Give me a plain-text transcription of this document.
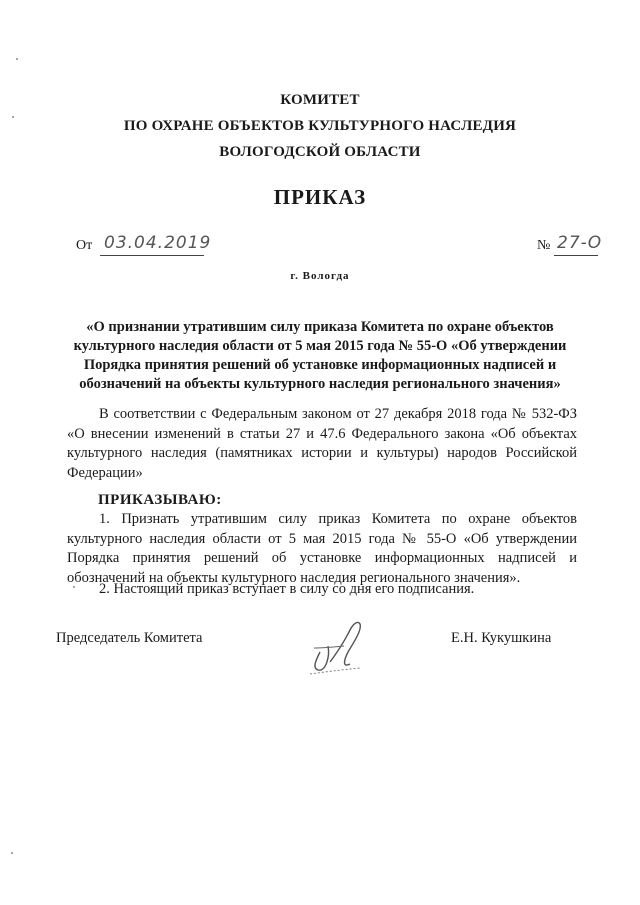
КОМИТЕТ
ПО ОХРАНЕ ОБЪЕКТОВ КУЛЬТУРНОГО НАСЛЕДИЯ
ВОЛОГОДСКОЙ ОБЛАСТИ
ПРИКАЗ
От 03.04.2019	№ 27-О
г. Вологда
«О признании утратившим силу приказа Комитета по охране объектов
культурного наследия области от 5 мая 2015 года № 55-О «Об утверждении
Порядка принятия решений об установке информационных надписей и
обозначений на объекты культурного наследия регионального значения»
В соответствии с Федеральным законом от 27 декабря 2018 года № 532-ФЗ «О внесении изменений в статьи 27 и 47.6 Федерального закона «Об объектах культурного наследия (памятниках истории и культуры) народов Российской Федерации»
ПРИКАЗЫВАЮ:
1. Признать утратившим силу приказ Комитета по охране объектов культурного наследия области от 5 мая 2015 года № 55-О «Об утверждении Порядка принятия решений об установке информационных надписей и обозначений на объекты культурного наследия регионального значения».
2. Настоящий приказ вступает в силу со дня его подписания.
Председатель Комитета	Е.Н. Кукушкина
